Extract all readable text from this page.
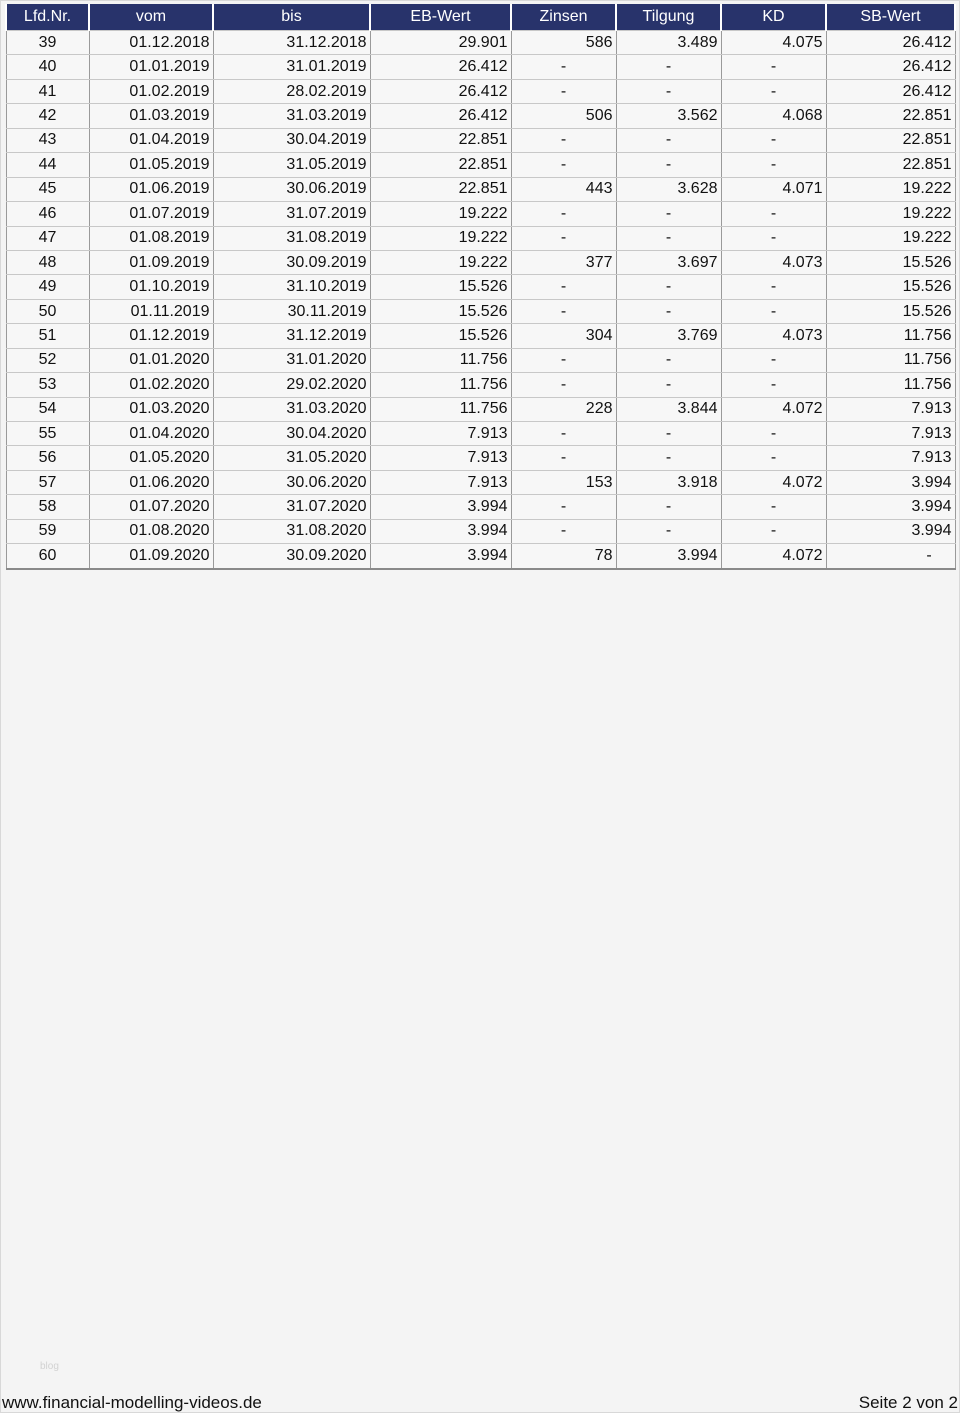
Lfd.Nr.	vom	bis	EB-Wert	Zinsen	Tilgung	KD	SB-Wert
39	01.12.2018	31.12.2018	29.901	586	3.489	4.075	26.412
40	01.01.2019	31.01.2019	26.412	-	-	-	26.412
41	01.02.2019	28.02.2019	26.412	-	-	-	26.412
42	01.03.2019	31.03.2019	26.412	506	3.562	4.068	22.851
43	01.04.2019	30.04.2019	22.851	-	-	-	22.851
44	01.05.2019	31.05.2019	22.851	-	-	-	22.851
45	01.06.2019	30.06.2019	22.851	443	3.628	4.071	19.222
46	01.07.2019	31.07.2019	19.222	-	-	-	19.222
47	01.08.2019	31.08.2019	19.222	-	-	-	19.222
48	01.09.2019	30.09.2019	19.222	377	3.697	4.073	15.526
49	01.10.2019	31.10.2019	15.526	-	-	-	15.526
50	01.11.2019	30.11.2019	15.526	-	-	-	15.526
51	01.12.2019	31.12.2019	15.526	304	3.769	4.073	11.756
52	01.01.2020	31.01.2020	11.756	-	-	-	11.756
53	01.02.2020	29.02.2020	11.756	-	-	-	11.756
54	01.03.2020	31.03.2020	11.756	228	3.844	4.072	7.913
55	01.04.2020	30.04.2020	7.913	-	-	-	7.913
56	01.05.2020	31.05.2020	7.913	-	-	-	7.913
57	01.06.2020	30.06.2020	7.913	153	3.918	4.072	3.994
58	01.07.2020	31.07.2020	3.994	-	-	-	3.994
59	01.08.2020	31.08.2020	3.994	-	-	-	3.994
60	01.09.2020	30.09.2020	3.994	78	3.994	4.072	-
blog
www.financial-modelling-videos.de	Seite 2 von 2
